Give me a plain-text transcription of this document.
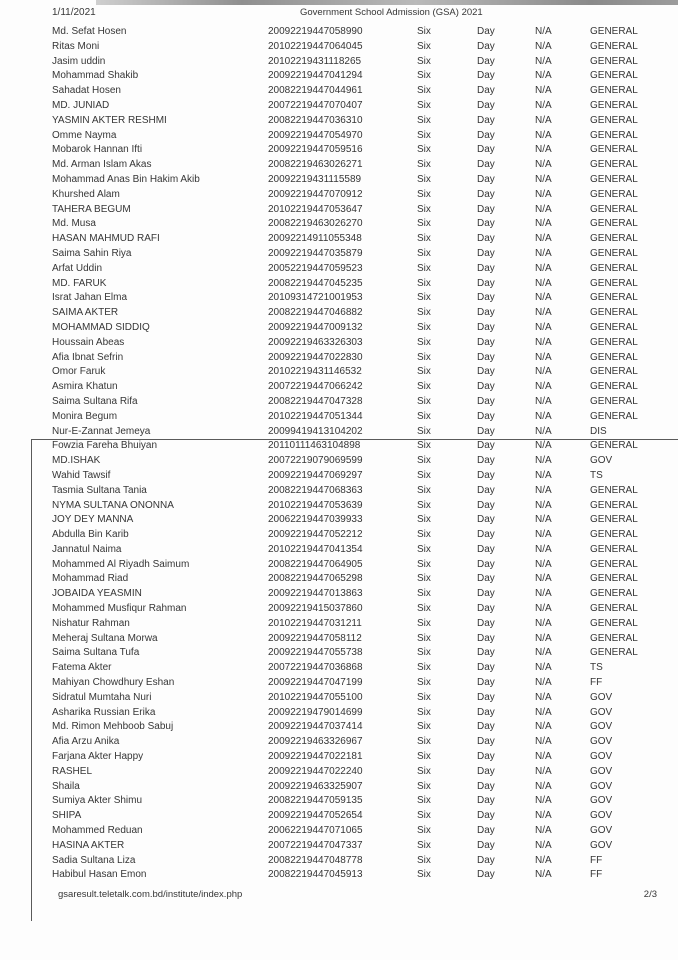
1/11/2021	Government School Admission (GSA) 2021
Md. Sefat Hosen	20092219447058990	Six	Day	N/A	GENERAL
Ritas Moni	20102219447064045	Six	Day	N/A	GENERAL
Jasim uddin	20102219431118265	Six	Day	N/A	GENERAL
Mohammad Shakib	20092219447041294	Six	Day	N/A	GENERAL
Sahadat Hosen	20082219447044961	Six	Day	N/A	GENERAL
MD. JUNIAD	20072219447070407	Six	Day	N/A	GENERAL
YASMIN AKTER RESHMI	20082219447036310	Six	Day	N/A	GENERAL
Omme Nayma	20092219447054970	Six	Day	N/A	GENERAL
Mobarok Hannan Ifti	20092219447059516	Six	Day	N/A	GENERAL
Md. Arman Islam Akas	20082219463026271	Six	Day	N/A	GENERAL
Mohammad Anas Bin Hakim Akib	20092219431115589	Six	Day	N/A	GENERAL
Khurshed Alam	20092219447070912	Six	Day	N/A	GENERAL
TAHERA BEGUM	20102219447053647	Six	Day	N/A	GENERAL
Md. Musa	20082219463026270	Six	Day	N/A	GENERAL
HASAN MAHMUD RAFI	20092214911055348	Six	Day	N/A	GENERAL
Saima Sahin Riya	20092219447035879	Six	Day	N/A	GENERAL
Arfat Uddin	20052219447059523	Six	Day	N/A	GENERAL
MD. FARUK	20082219447045235	Six	Day	N/A	GENERAL
Israt Jahan Elma	20109314721001953	Six	Day	N/A	GENERAL
SAIMA AKTER	20082219447046882	Six	Day	N/A	GENERAL
MOHAMMAD SIDDIQ	20092219447009132	Six	Day	N/A	GENERAL
Houssain Abeas	20092219463326303	Six	Day	N/A	GENERAL
Afia Ibnat Sefrin	20092219447022830	Six	Day	N/A	GENERAL
Omor Faruk	20102219431146532	Six	Day	N/A	GENERAL
Asmira Khatun	20072219447066242	Six	Day	N/A	GENERAL
Saima Sultana Rifa	20082219447047328	Six	Day	N/A	GENERAL
Monira Begum	20102219447051344	Six	Day	N/A	GENERAL
Nur-E-Zannat Jemeya	20099419413104202	Six	Day	N/A	DIS
Fowzia Fareha Bhuiyan	20110111463104898	Six	Day	N/A	GENERAL
MD.ISHAK	20072219079069599	Six	Day	N/A	GOV
Wahid Tawsif	20092219447069297	Six	Day	N/A	TS
Tasmia Sultana Tania	20082219447068363	Six	Day	N/A	GENERAL
NYMA SULTANA ONONNA	20102219447053639	Six	Day	N/A	GENERAL
JOY DEY MANNA	20062219447039933	Six	Day	N/A	GENERAL
Abdulla Bin Karib	20092219447052212	Six	Day	N/A	GENERAL
Jannatul Naima	20102219447041354	Six	Day	N/A	GENERAL
Mohammed Al Riyadh Saimum	20082219447064905	Six	Day	N/A	GENERAL
Mohammad Riad	20082219447065298	Six	Day	N/A	GENERAL
JOBAIDA YEASMIN	20092219447013863	Six	Day	N/A	GENERAL
Mohammed Musfiqur Rahman	20092219415037860	Six	Day	N/A	GENERAL
Nishatur Rahman	20102219447031211	Six	Day	N/A	GENERAL
Meheraj Sultana Morwa	20092219447058112	Six	Day	N/A	GENERAL
Saima Sultana Tufa	20092219447055738	Six	Day	N/A	GENERAL
Fatema Akter	20072219447036868	Six	Day	N/A	TS
Mahiyan Chowdhury Eshan	20092219447047199	Six	Day	N/A	FF
Sidratul Mumtaha Nuri	20102219447055100	Six	Day	N/A	GOV
Asharika Russian Erika	20092219479014699	Six	Day	N/A	GOV
Md. Rimon Mehboob Sabuj	20092219447037414	Six	Day	N/A	GOV
Afia Arzu Anika	20092219463326967	Six	Day	N/A	GOV
Farjana Akter Happy	20092219447022181	Six	Day	N/A	GOV
RASHEL	20092219447022240	Six	Day	N/A	GOV
Shaila	20092219463325907	Six	Day	N/A	GOV
Sumiya Akter Shimu	20082219447059135	Six	Day	N/A	GOV
SHIPA	20092219447052654	Six	Day	N/A	GOV
Mohammed Reduan	20062219447071065	Six	Day	N/A	GOV
HASINA AKTER	20072219447047337	Six	Day	N/A	GOV
Sadia Sultana Liza	20082219447048778	Six	Day	N/A	FF
Habibul Hasan Emon	20082219447045913	Six	Day	N/A	FF
gsaresult.teletalk.com.bd/institute/index.php	2/3
